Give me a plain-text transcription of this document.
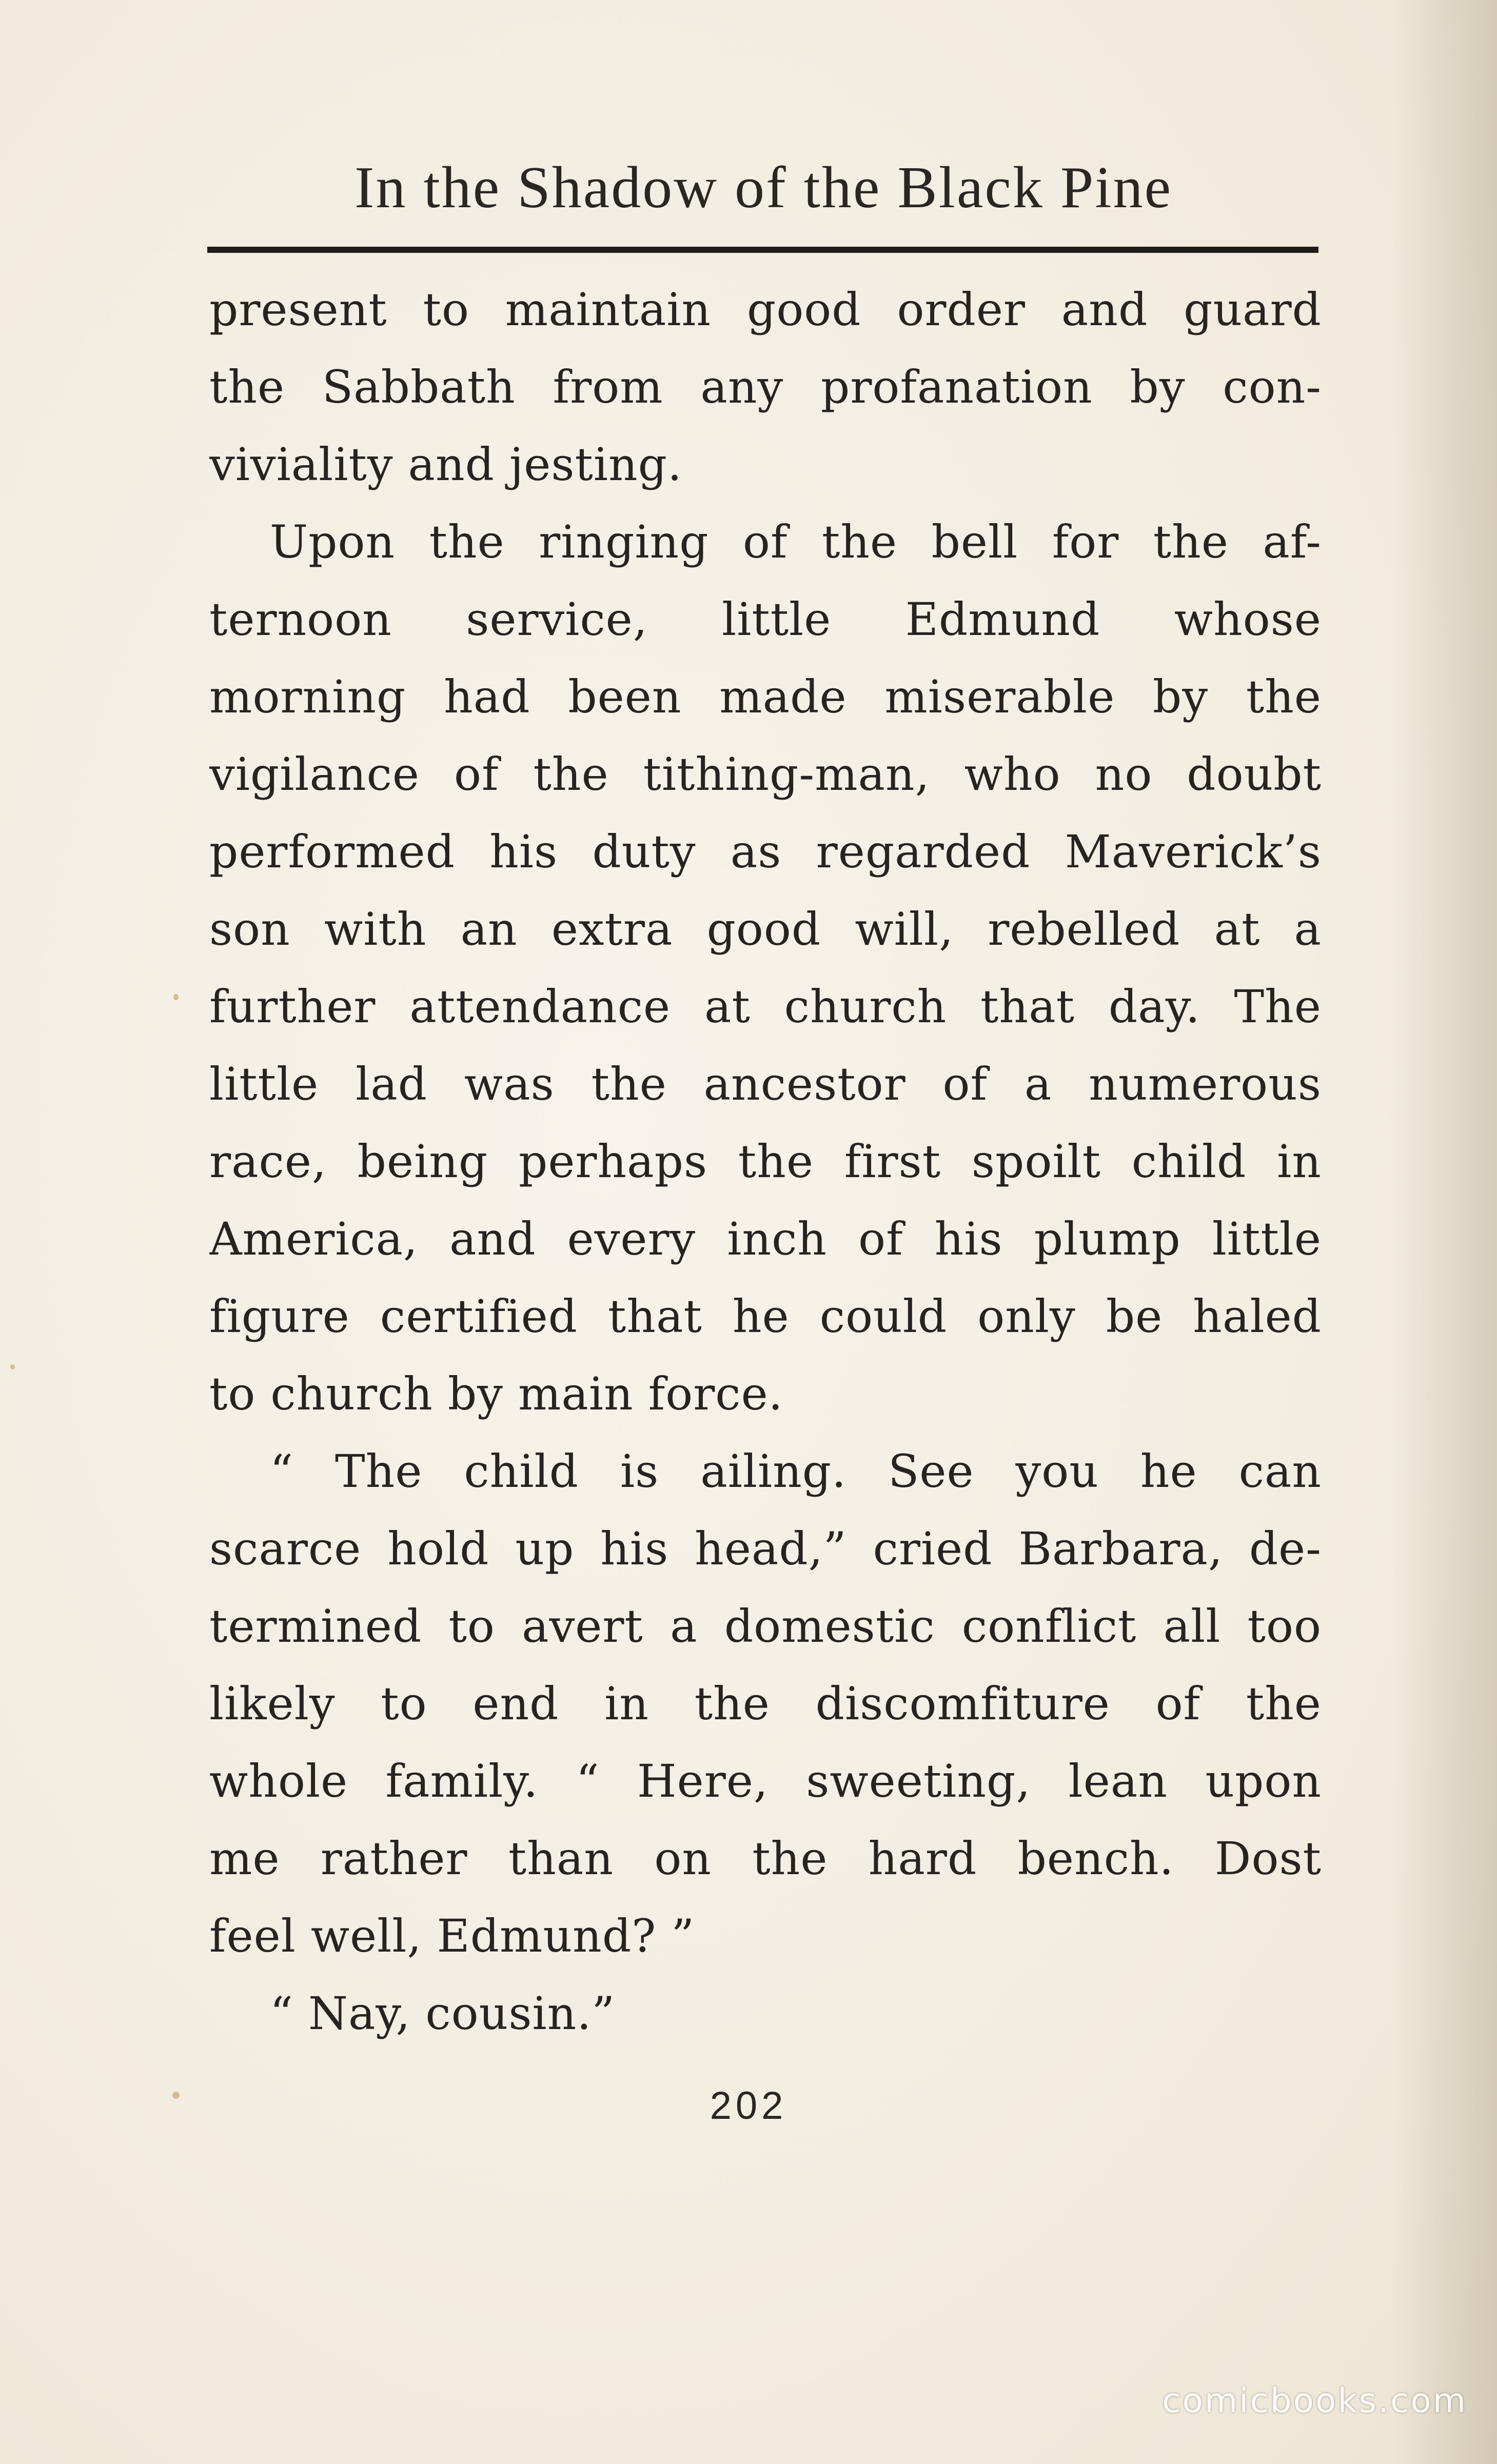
In the Shadow of the Black Pine
present to maintain good order and guard
the Sabbath from any profanation by con-
viviality and jesting.
Upon the ringing of the bell for the af-
ternoon service, little Edmund whose
morning had been made miserable by the
vigilance of the tithing-man, who no doubt
performed his duty as regarded Maverick’s
son with an extra good will, rebelled at a
further attendance at church that day. The
little lad was the ancestor of a numerous
race, being perhaps the first spoilt child in
America, and every inch of his plump little
figure certified that he could only be haled
to church by main force.
“ The child is ailing. See you he can
scarce hold up his head,” cried Barbara, de-
termined to avert a domestic conflict all too
likely to end in the discomfiture of the
whole family. “ Here, sweeting, lean upon
me rather than on the hard bench. Dost
feel well, Edmund? ”
“ Nay, cousin.”
202
comicbooks.com
